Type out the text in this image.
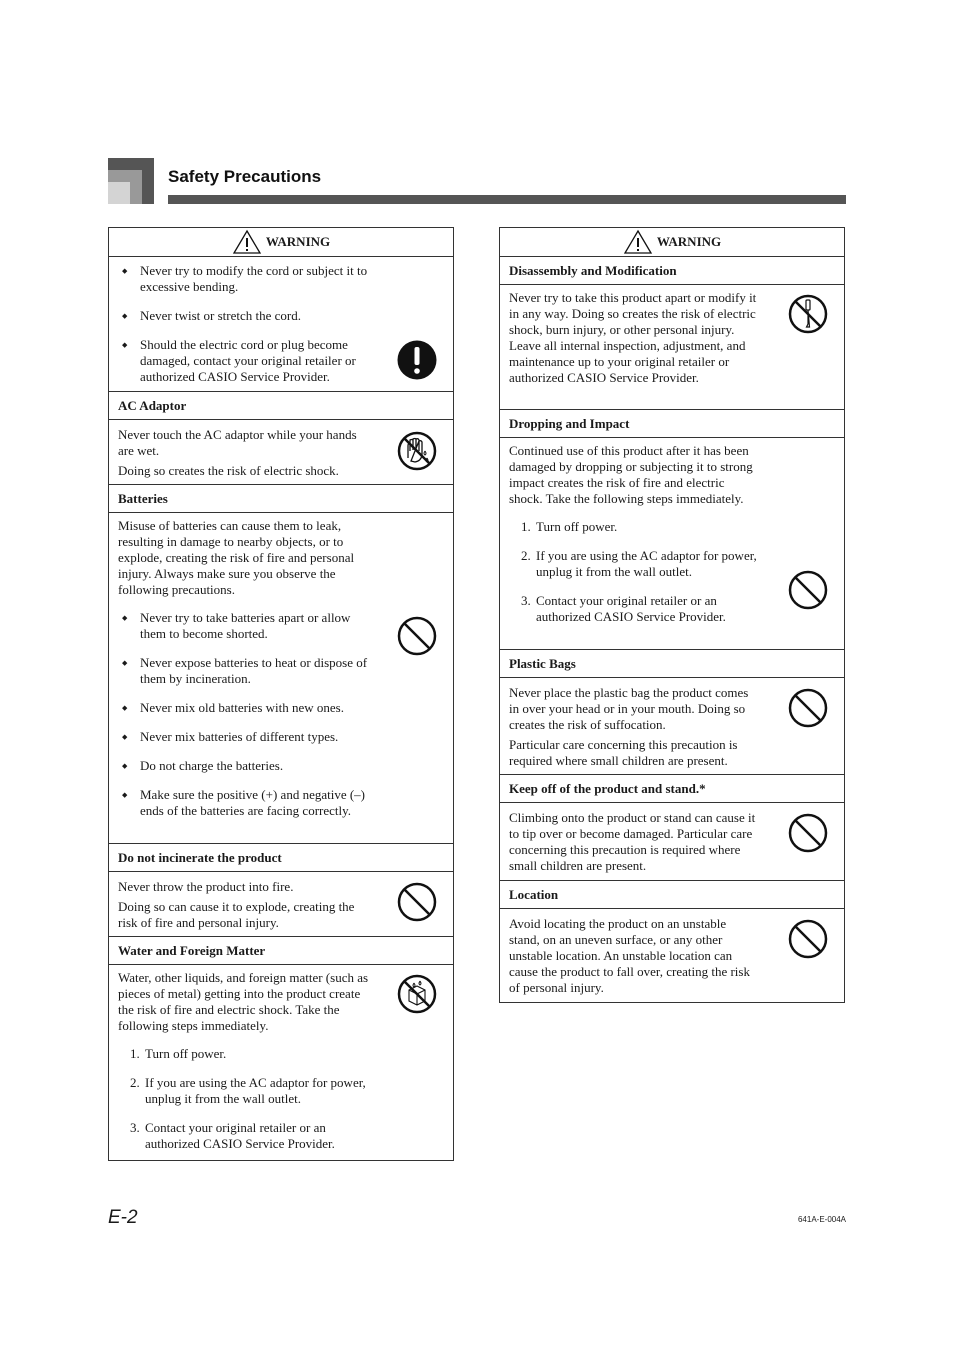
Safety Precautions
WARNING
◆ Never try to modify the cord or subject it to excessive bending.
◆ Never twist or stretch the cord.
◆ Should the electric cord or plug become damaged, contact your original retailer or authorized CASIO Service Provider.
AC Adaptor

Never touch the AC adaptor while your hands are wet.

Doing so creates the risk of electric shock.

Batteries

Misuse of batteries can cause them to leak, resulting in damage to nearby objects, or to explode, creating the risk of fire and personal injury. Always make sure you observe the following precautions.

◆ Never try to take batteries apart or allow them to become shorted.
◆ Never expose batteries to heat or dispose of them by incineration.
◆ Never mix old batteries with new ones.
◆ Never mix batteries of different types.
◆ Do not charge the batteries.
◆ Make sure the positive (+) and negative (–) ends of the batteries are facing correctly.
Do not incinerate the product

Never throw the product into fire.

Doing so can cause it to explode, creating the risk of fire and personal injury.

Water and Foreign Matter

Water, other liquids, and foreign matter (such as pieces of metal) getting into the product create the risk of fire and electric shock. Take the following steps immediately.

1. Turn off power.
2. If you are using the AC adaptor for power, unplug it from the wall outlet.
3. Contact your original retailer or an authorized CASIO Service Provider.
WARNING
Disassembly and Modification

Never try to take this product apart or modify it in any way. Doing so creates the risk of electric shock, burn injury, or other personal injury. Leave all internal inspection, adjustment, and maintenance up to your original retailer or authorized CASIO Service Provider.

Dropping and Impact

Continued use of this product after it has been damaged by dropping or subjecting it to strong impact creates the risk of fire and electric shock. Take the following steps immediately.

1. Turn off power.
2. If you are using the AC adaptor for power, unplug it from the wall outlet.
3. Contact your original retailer or an authorized CASIO Service Provider.
Plastic Bags

Never place the plastic bag the product comes in over your head or in your mouth. Doing so creates the risk of suffocation.

Particular care concerning this precaution is required where small children are present.

Keep off of the product and stand.*

Climbing onto the product or stand can cause it to tip over or become damaged. Particular care concerning this precaution is required where small children are present.

Location

Avoid locating the product on an unstable stand, on an uneven surface, or any other unstable location. An unstable location can cause the product to fall over, creating the risk of personal injury.

E-2	641A-E-004A
